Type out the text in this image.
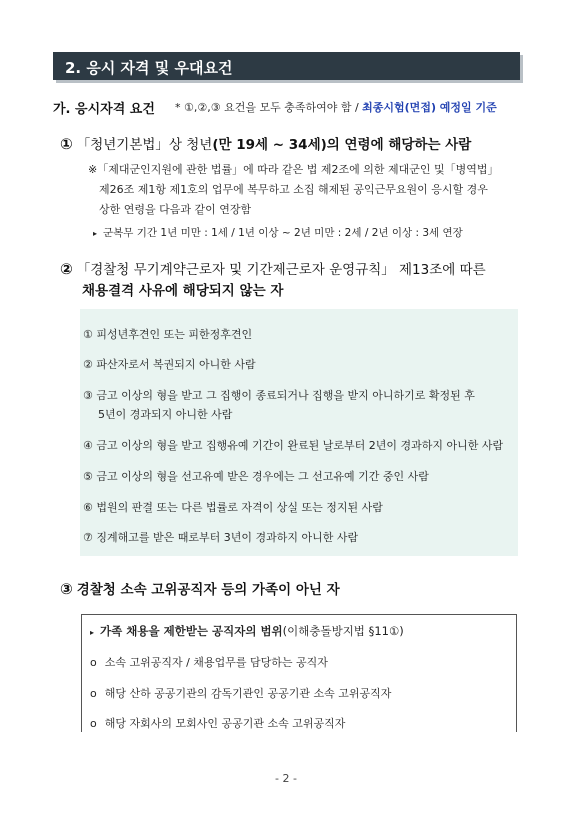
2. 응시 자격 및 우대요건
가. 응시자격 요건 * ①,②,③ 요건을 모두 충족하여야 함 / 최종시험(면접) 예정일 기준
① 「청년기본법」상 청년(만 19세 ~ 34세)의 연령에 해당하는 사람
※「제대군인지원에 관한 법률」에 따라 같은 법 제2조에 의한 제대군인 및「병역법」
제26조 제1항 제1호의 업무에 복무하고 소집 해제된 공익근무요원이 응시할 경우
상한 연령을 다음과 같이 연장함
▸ 군복무 기간 1년 미만 : 1세 / 1년 이상 ~ 2년 미만 : 2세 / 2년 이상 : 3세 연장
② 「경찰청 무기계약근로자 및 기간제근로자 운영규칙」 제13조에 따른
채용결격 사유에 해당되지 않는 자
① 피성년후견인 또는 피한정후견인
② 파산자로서 복권되지 아니한 사람
③ 금고 이상의 형을 받고 그 집행이 종료되거나 집행을 받지 아니하기로 확정된 후
5년이 경과되지 아니한 사람
④ 금고 이상의 형을 받고 집행유예 기간이 완료된 날로부터 2년이 경과하지 아니한 사람
⑤ 금고 이상의 형을 선고유예 받은 경우에는 그 선고유예 기간 중인 사람
⑥ 법원의 판결 또는 다른 법률로 자격이 상실 또는 정지된 사람
⑦ 징계해고를 받은 때로부터 3년이 경과하지 아니한 사람
③ 경찰청 소속 고위공직자 등의 가족이 아닌 자
▸ 가족 채용을 제한받는 공직자의 범위(이해충돌방지법 §11①)
o 소속 고위공직자 / 채용업무를 담당하는 공직자
o 해당 산하 공공기관의 감독기관인 공공기관 소속 고위공직자
o 해당 자회사의 모회사인 공공기관 소속 고위공직자
- 2 -
